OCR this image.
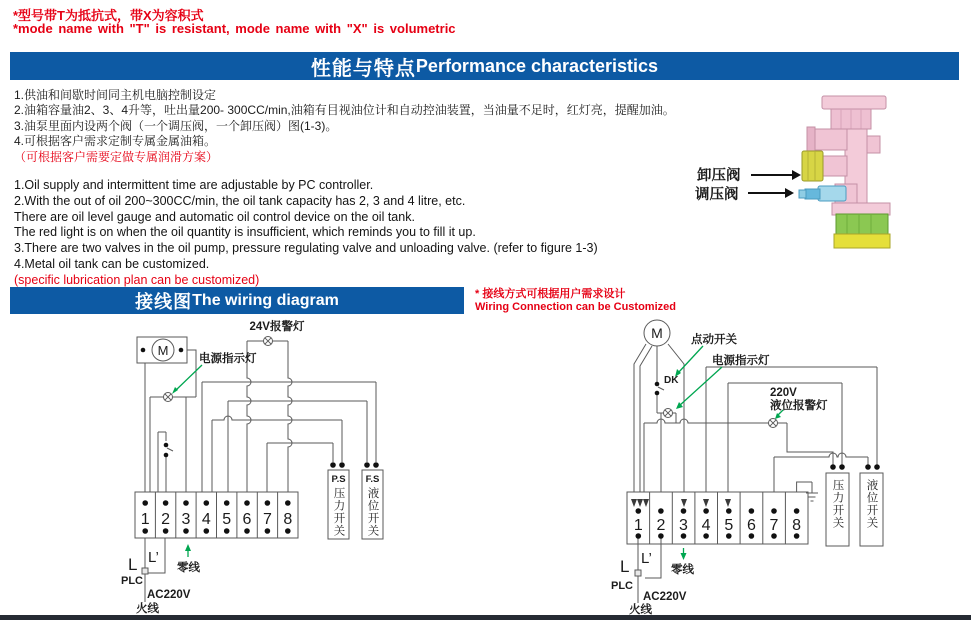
*型号带T为抵抗式，带X为容积式
*mode name with "T" is resistant, mode name with "X" is volumetric
性能与特点 Performance characteristics
1.供油和间歇时间同主机电脑控制设定
2.油箱容量油2、3、4升等，吐出量200- 300CC/min,油箱有目视油位计和自动控油装置，当油量不足时，红灯亮，提醒加油。
3.油泵里面内设两个阀（一个调压阀，一个卸压阀）图(1-3)。
4.可根据客户需求定制专属金属油箱。
（可根据客户需要定做专属润滑方案）
1.Oil supply and intermittent time are adjustable by PC controller.
2.With the out of oil 200~300CC/min, the oil tank capacity has 2, 3 and 4 litre, etc.
There are oil level gauge and automatic oil control device on the oil tank.
The red light is on when the oil quantity is insufficient, which reminds you to fill it up.
3.There are two valves in the oil pump, pressure regulating valve and unloading valve. (refer to figure 1-3)
4.Metal oil tank can be customized.
(specific lubrication plan can be customized)
卸压阀
调压阀
接线图 The wiring diagram	* 接线方式可根据用户需求设计
Wiring Connection can be Customized
M
24V报警灯
电源指示灯
1 2 3 4 5 6 7 8
P.S
压力开关
F.S
液位开关
L L’
PLC
零线
AC220V
火线
M
DK
点动开关
电源指示灯
220V
液位报警灯
1 2 3 4 5 6 7 8	压力开关 液位开关
L L’
PLC
零线
AC220V
火线
